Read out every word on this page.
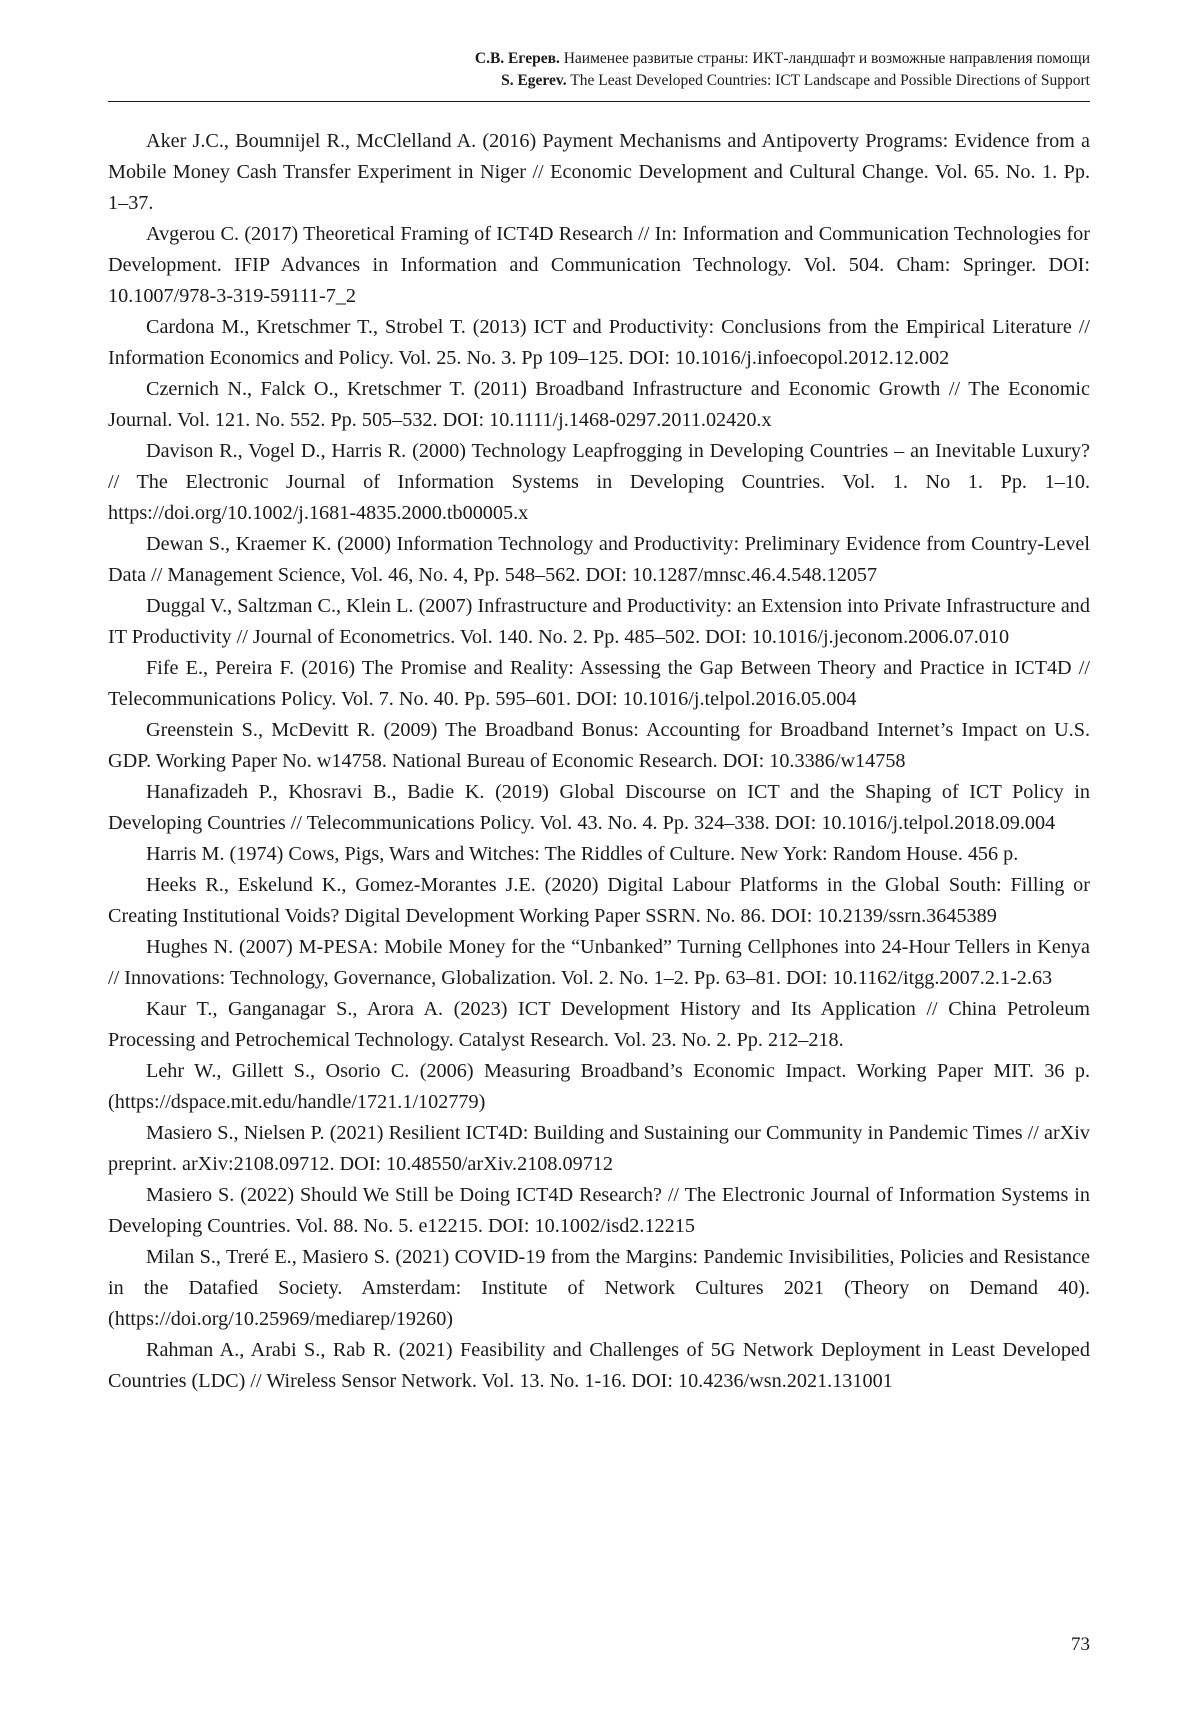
С.В. Егерев. Наименее развитые страны: ИКТ-ландшафт и возможные направления помощи
S. Egerev. The Least Developed Countries: ICT Landscape and Possible Directions of Support
Aker J.C., Boumnijel R., McClelland A. (2016) Payment Mechanisms and Antipoverty Programs: Evidence from a Mobile Money Cash Transfer Experiment in Niger // Economic Development and Cultural Change. Vol. 65. No. 1. Pp. 1–37.
Avgerou C. (2017) Theoretical Framing of ICT4D Research // In: Information and Communication Technologies for Development. IFIP Advances in Information and Communication Technology. Vol. 504. Cham: Springer. DOI: 10.1007/978-3-319-59111-7_2
Cardona M., Kretschmer T., Strobel T. (2013) ICT and Productivity: Conclusions from the Empirical Literature // Information Economics and Policy. Vol. 25. No. 3. Pp 109–125. DOI: 10.1016/j.infoecopol.2012.12.002
Czernich N., Falck O., Kretschmer T. (2011) Broadband Infrastructure and Economic Growth // The Economic Journal. Vol. 121. No. 552. Pp. 505–532. DOI: 10.1111/j.1468-0297.2011.02420.x
Davison R., Vogel D., Harris R. (2000) Technology Leapfrogging in Developing Countries – an Inevitable Luxury? // The Electronic Journal of Information Systems in Developing Countries. Vol. 1. No 1. Pp. 1–10. https://doi.org/10.1002/j.1681-4835.2000.tb00005.x
Dewan S., Kraemer K. (2000) Information Technology and Productivity: Preliminary Evidence from Country-Level Data // Management Science, Vol. 46, No. 4, Pp. 548–562. DOI: 10.1287/mnsc.46.4.548.12057
Duggal V., Saltzman C., Klein L. (2007) Infrastructure and Productivity: an Extension into Private Infrastructure and IT Productivity // Journal of Econometrics. Vol. 140. No. 2. Pp. 485–502. DOI: 10.1016/j.​jeconom.2006.07.010
Fife E., Pereira F. (2016) The Promise and Reality: Assessing the Gap Between Theory and Practice in ICT4D // Telecommunications Policy. Vol. 7. No. 40. Pp. 595–601. DOI: 10.1016/j.telpol.2016.05.004
Greenstein S., McDevitt R. (2009) The Broadband Bonus: Accounting for Broadband Internet’s Impact on U.S. GDP. Working Paper No. w14758. National Bureau of Economic Research. DOI: 10.3386/w14758
Hanafizadeh P., Khosravi B., Badie K. (2019) Global Discourse on ICT and the Shaping of ICT Policy in Developing Countries // Telecommunications Policy. Vol. 43. No. 4. Pp. 324–338. DOI: 10.1016/j.​telpol.2018.09.004
Harris M. (1974) Cows, Pigs, Wars and Witches: The Riddles of Culture. New York: Random House. 456 p.
Heeks R., Eskelund K., Gomez-Morantes J.E. (2020) Digital Labour Platforms in the Global South: Filling or Creating Institutional Voids? Digital Development Working Paper SSRN. No. 86. DOI: 10.2139/​ssrn.3645389
Hughes N. (2007) M-PESA: Mobile Money for the “Unbanked” Turning Cellphones into 24-Hour Tellers in Kenya // Innovations: Technology, Governance, Globalization. Vol. 2. No. 1–2. Pp. 63–81. DOI: 10.1162/itgg.2007.2.1-2.63
Kaur T., Ganganagar S., Arora A. (2023) ICT Development History and Its Application // China Petroleum Processing and Petrochemical Technology. Catalyst Research. Vol. 23. No. 2. Pp. 212–218.
Lehr W., Gillett S., Osorio C. (2006) Measuring Broadband’s Economic Impact. Working Paper MIT. 36 p. (https://dspace.mit.edu/handle/1721.1/102779)
Masiero S., Nielsen P. (2021) Resilient ICT4D: Building and Sustaining our Community in Pandemic Times // arXiv preprint. arXiv:2108.09712. DOI: 10.48550/arXiv.2108.09712
Masiero S. (2022) Should We Still be Doing ICT4D Research? // The Electronic Journal of Information Systems in Developing Countries. Vol. 88. No. 5. e12215. DOI: 10.1002/isd2.12215
Milan S., Treré E., Masiero S. (2021) COVID-19 from the Margins: Pandemic Invisibilities, Policies and Resistance in the Datafied Society. Amsterdam: Institute of Network Cultures 2021 (Theory on Demand 40). (https://doi.org/10.25969/mediarep/19260)
Rahman A., Arabi S., Rab R. (2021) Feasibility and Challenges of 5G Network Deployment in Least Developed Countries (LDC) // Wireless Sensor Network. Vol. 13. No. 1-16. DOI: 10.4236/​wsn.2021.131001
73
